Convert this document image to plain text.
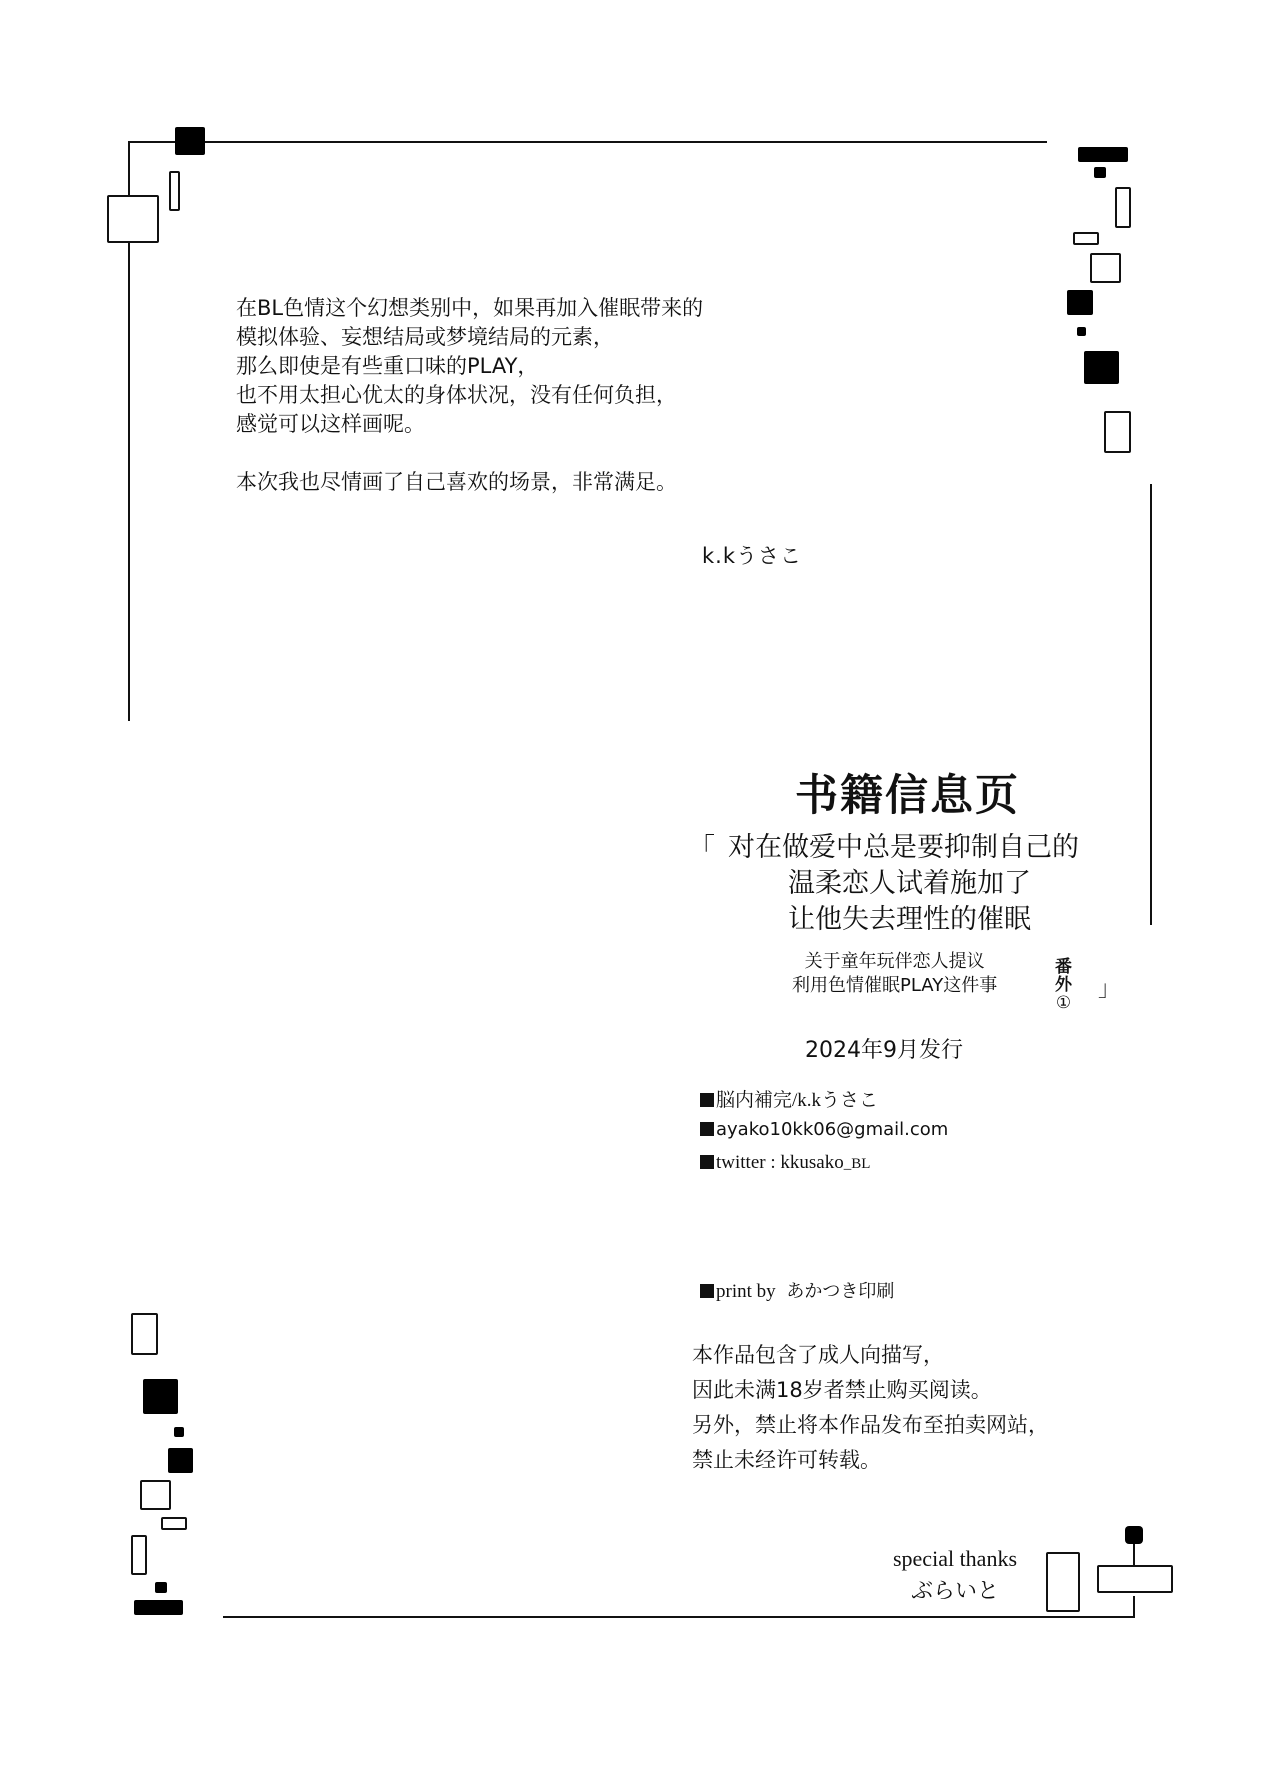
在BL色情这个幻想类别中，如果再加入催眠带来的

模拟体验、妄想结局或梦境结局的元素，

那么即使是有些重口味的PLAY，

也不用太担心优太的身体状况，没有任何负担，

感觉可以这样画呢。

本次我也尽情画了自己喜欢的场景，非常满足。

k.kうさこ
书籍信息页
「 对在做爱中总是要抑制自己的
温柔恋人试着施加了
让他失去理性的催眠
关于童年玩伴恋人提议
利用色情催眠PLAY这件事
番
外
①
」
2024年9月发行
脳内補完/k.kうさこ
ayako10kk06@gmail.com
twitter : kkusako_BL
print by あかつき印刷

本作品包含了成人向描写，

因此未满18岁者禁止购买阅读。

另外，禁止将本作品发布至拍卖网站，

禁止未经许可转载。

special thanks
ぶらいと
